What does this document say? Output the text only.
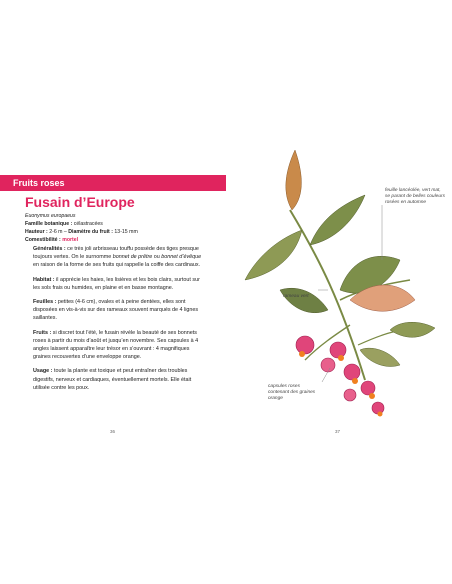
Fruits roses
Fusain d’Europe
Euonymus europaeus
Famille botanique : célastracées
Hauteur : 2-6 m – Diamètre du fruit : 13-15 mm
Comestibilité : mortel

Généralités : ce très joli arbrisseau touffu possède des tiges presque toujours vertes. On le surnomme bonnet de prêtre ou bonnet d’évêque en raison de la forme de ses fruits qui rappelle la coiffe des cardinaux.

Habitat : il apprécie les haies, les lisières et les bois clairs, surtout sur les sols frais ou humides, en plaine et en basse montagne.

Feuilles : petites (4-6 cm), ovales et à peine dentées, elles sont disposées en vis-à-vis sur des rameaux souvent marqués de 4 lignes saillantes.

Fruits : si discret tout l’été, le fusain révèle la beauté de ses bonnets roses à partir du mois d’août et jusqu’en novembre. Ses capsules à 4 angles laissent apparaître leur trésor en s’ouvrant : 4 magnifiques graines recouvertes d’une enveloppe orange.

Usage : toute la plante est toxique et peut entraîner des troubles digestifs, nerveux et cardiaques, éventuellement mortels. Elle était utilisée contre les poux.

36	37
feuille lancéolée, vert mat, se parant de belles couleurs rosées en automne
rameau vert
capsules roses contenant des graines orange
